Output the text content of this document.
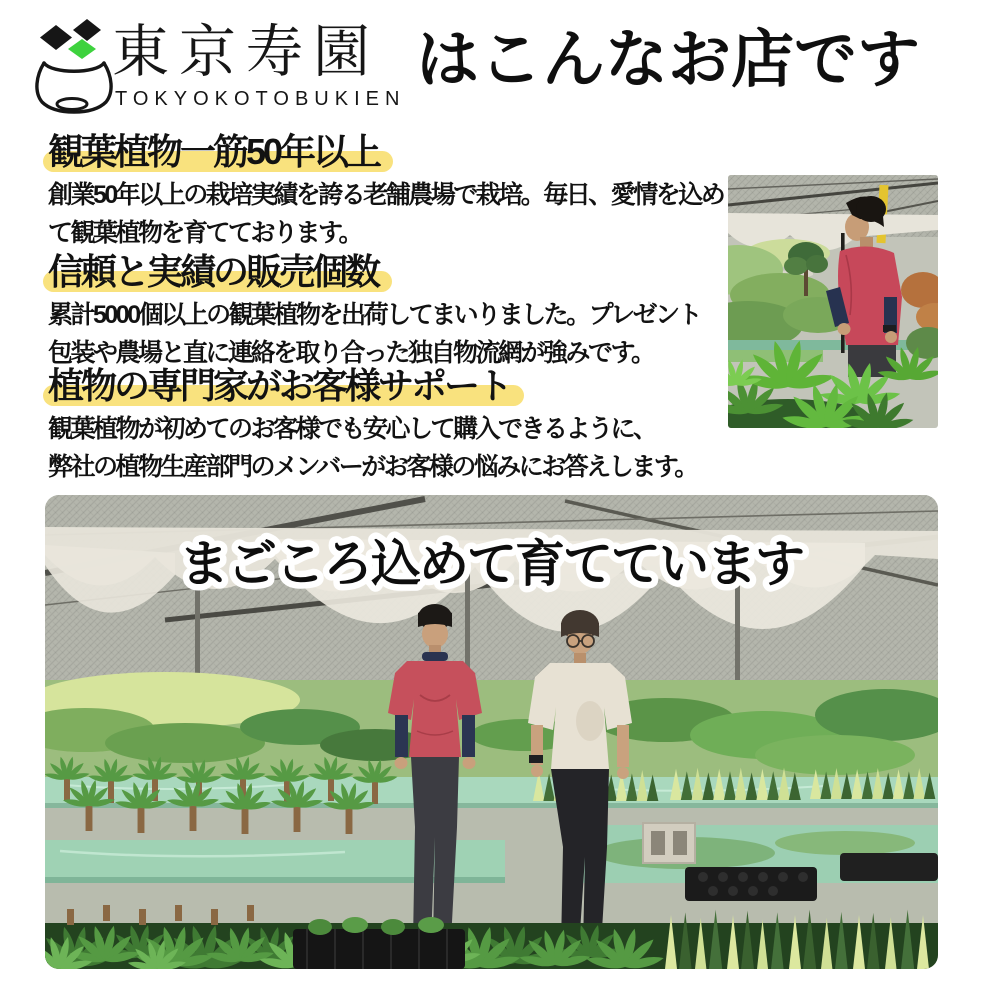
東京寿園
TOKYOKOTOBUKIEN
はこんなお店です
観葉植物一筋50年以上

創業50年以上の栽培実績を誇る老舗農場で栽培。毎日、愛情を込め

て観葉植物を育てております。

信頼と実績の販売個数

累計5000個以上の観葉植物を出荷してまいりました。プレゼント

包装や農場と直に連絡を取り合った独自物流網が強みです。

植物の専門家がお客様サポート

観葉植物が初めてのお客様でも安心して購入できるように、

弊社の植物生産部門のメンバーがお客様の悩みにお答えします。

まごころ込めて育てています
